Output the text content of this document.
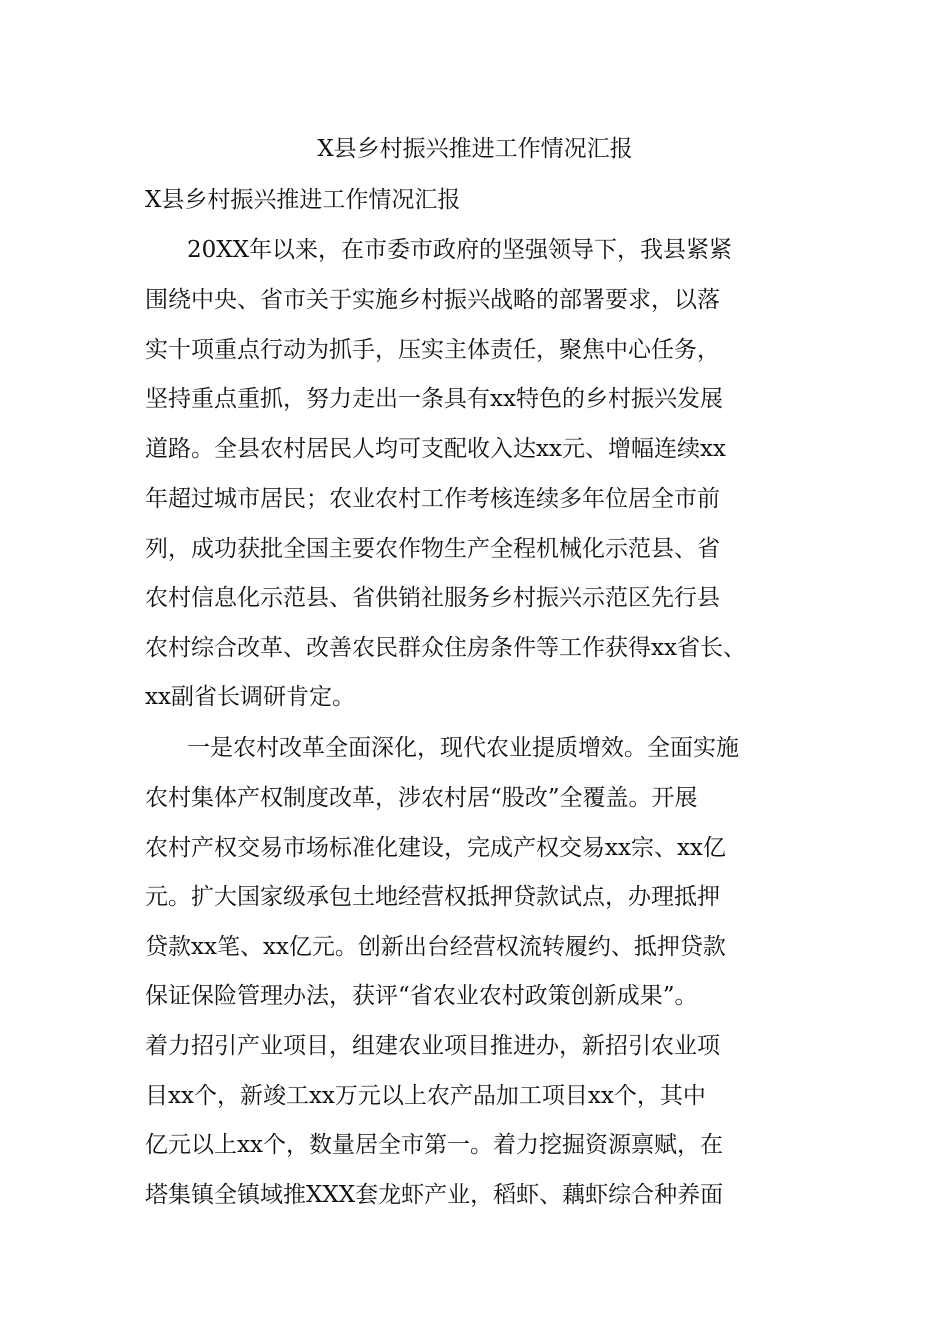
X县乡村振兴推进工作情况汇报
X县乡村振兴推进工作情况汇报
20XX年以来，在市委市政府的坚强领导下，我县紧紧
围绕中央、省市关于实施乡村振兴战略的部署要求，以落
实十项重点行动为抓手，压实主体责任，聚焦中心任务，
坚持重点重抓，努力走出一条具有xx特色的乡村振兴发展
道路。全县农村居民人均可支配收入达xx元、增幅连续xx
年超过城市居民；农业农村工作考核连续多年位居全市前
列，成功获批全国主要农作物生产全程机械化示范县、省
农村信息化示范县、省供销社服务乡村振兴示范区先行县
农村综合改革、改善农民群众住房条件等工作获得xx省长、
xx副省长调研肯定。
一是农村改革全面深化，现代农业提质增效。全面实施
农村集体产权制度改革，涉农村居“股改”全覆盖。开展
农村产权交易市场标准化建设，完成产权交易xx宗、xx亿
元。扩大国家级承包土地经营权抵押贷款试点，办理抵押
贷款xx笔、xx亿元。创新出台经营权流转履约、抵押贷款
保证保险管理办法，获评“省农业农村政策创新成果”。
着力招引产业项目，组建农业项目推进办，新招引农业项
目xx个，新竣工xx万元以上农产品加工项目xx个，其中
亿元以上xx个，数量居全市第一。着力挖掘资源禀赋，在
塔集镇全镇域推XXX套龙虾产业，稻虾、藕虾综合种养面
